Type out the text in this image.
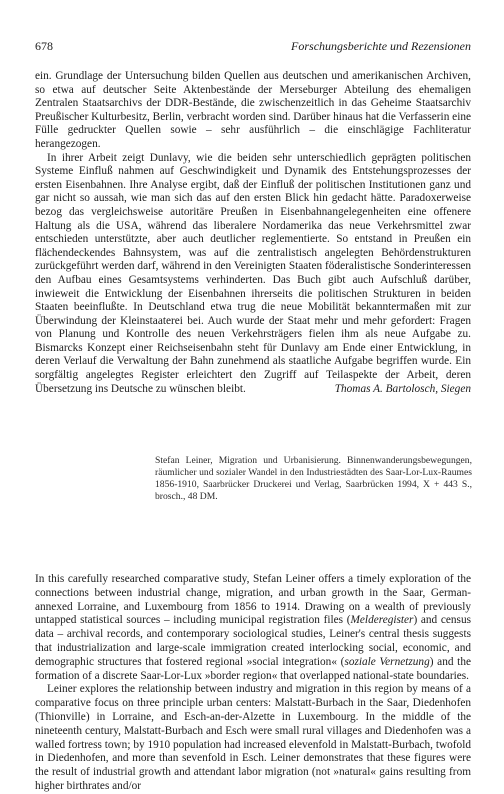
678	Forschungsberichte und Rezensionen

ein. Grundlage der Untersuchung bilden Quellen aus deutschen und amerikanischen Archiven, so etwa auf deutscher Seite Aktenbestände der Merseburger Abteilung des ehemaligen Zentralen Staatsarchivs der DDR-Bestände, die zwischenzeitlich in das Geheime Staatsarchiv Preußischer Kulturbesitz, Berlin, verbracht worden sind. Darüber hinaus hat die Verfasserin eine Fülle gedruckter Quellen sowie – sehr ausführlich – die einschlägige Fachliteratur herangezogen.

In ihrer Arbeit zeigt Dunlavy, wie die beiden sehr unterschiedlich geprägten politischen Systeme Einfluß nahmen auf Geschwindigkeit und Dynamik des Entstehungsprozesses der ersten Eisenbahnen. Ihre Analyse ergibt, daß der Einfluß der politischen Institutionen ganz und gar nicht so aussah, wie man sich das auf den ersten Blick hin gedacht hätte. Paradoxerweise bezog das vergleichsweise autoritäre Preußen in Eisenbahnangelegenheiten eine offenere Haltung als die USA, während das liberalere Nordamerika das neue Verkehrsmittel zwar entschieden unterstützte, aber auch deutlicher reglementierte. So entstand in Preußen ein flächendeckendes Bahnsystem, was auf die zentralistisch angelegten Behördenstrukturen zurückgeführt werden darf, während in den Vereinigten Staaten föderalistische Sonderinteressen den Aufbau eines Gesamtsystems verhinderten. Das Buch gibt auch Aufschluß darüber, inwieweit die Entwicklung der Eisenbahnen ihrerseits die politischen Strukturen in beiden Staaten beeinflußte. In Deutschland etwa trug die neue Mobilität bekanntermaßen mit zur Überwindung der Kleinstaaterei bei. Auch wurde der Staat mehr und mehr gefordert: Fragen von Planung und Kontrolle des neuen Verkehrsträgers fielen ihm als neue Aufgabe zu. Bismarcks Konzept einer Reichseisenbahn steht für Dunlavy am Ende einer Entwicklung, in deren Verlauf die Verwaltung der Bahn zunehmend als staatliche Aufgabe begriffen wurde. Ein sorgfältig angelegtes Register erleichtert den Zugriff auf Teilaspekte der Arbeit, deren Übersetzung ins Deutsche zu wünschen bleibt.	Thomas A. Bartolosch, Siegen

Stefan Leiner, Migration und Urbanisierung. Binnenwanderungsbewegungen, räumlicher und sozialer Wandel in den Industriestädten des Saar-Lor-Lux-Raumes 1856-1910, Saarbrücker Druckerei und Verlag, Saarbrücken 1994, X + 443 S., brosch., 48 DM.

In this carefully researched comparative study, Stefan Leiner offers a timely exploration of the connections between industrial change, migration, and urban growth in the Saar, German-annexed Lorraine, and Luxembourg from 1856 to 1914. Drawing on a wealth of previously untapped statistical sources – including municipal registration files (Melderegister) and census data – archival records, and contemporary sociological studies, Leiner's central thesis suggests that industrialization and large-scale immigration created interlocking social, economic, and demographic structures that fostered regional »social integration« (soziale Vernetzung) and the formation of a discrete Saar-Lor-Lux »border region« that overlapped national-state boundaries.

Leiner explores the relationship between industry and migration in this region by means of a comparative focus on three principle urban centers: Malstatt-Burbach in the Saar, Diedenhofen (Thionville) in Lorraine, and Esch-an-der-Alzette in Luxembourg. In the middle of the nineteenth century, Malstatt-Burbach and Esch were small rural villages and Diedenhofen was a walled fortress town; by 1910 population had increased elevenfold in Malstatt-Burbach, twofold in Diedenhofen, and more than sevenfold in Esch. Leiner demonstrates that these figures were the result of industrial growth and attendant labor migration (not »natural« gains resulting from higher birthrates and/or
